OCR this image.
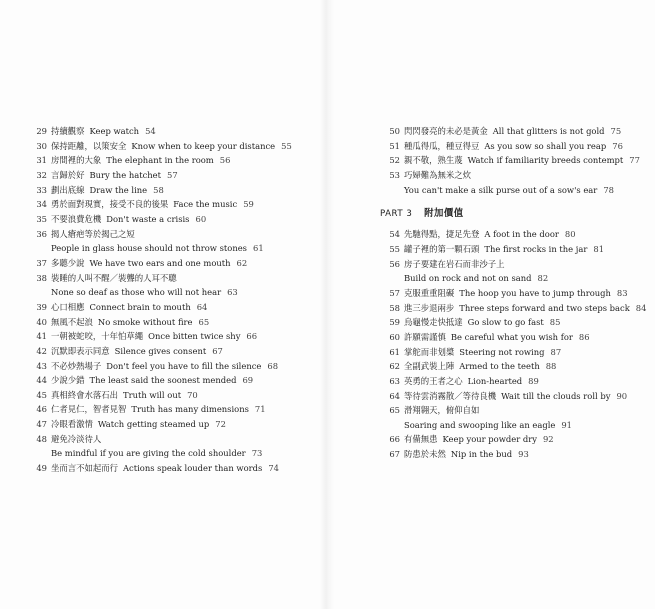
29 持續觀察 Keep watch 54
30 保持距離，以策安全 Know when to keep your distance 55
31 房間裡的大象 The elephant in the room 56
32 言歸於好 Bury the hatchet 57
33 劃出底線 Draw the line 58
34 勇於面對現實，接受不良的後果 Face the music 59
35 不要浪費危機 Don't waste a crisis 60
36 揭人瘡疤等於揭己之短
People in glass house should not throw stones 61
37 多聽少說 We have two ears and one mouth 62
38 裝睡的人叫不醒／裝聾的人耳不聰
None so deaf as those who will not hear 63
39 心口相應 Connect brain to mouth 64
40 無風不起浪 No smoke without fire 65
41 一朝被蛇咬，十年怕草繩 Once bitten twice shy 66
42 沉默即表示同意 Silence gives consent 67
43 不必炒熱場子 Don't feel you have to fill the silence 68
44 少說少錯 The least said the soonest mended 69
45 真相終會水落石出 Truth will out 70
46 仁者見仁，智者見智 Truth has many dimensions 71
47 冷眼看激情 Watch getting steamed up 72
48 避免冷淡待人
Be mindful if you are giving the cold shoulder 73
49 坐而言不如起而行 Actions speak louder than words 74
50 閃閃發亮的未必是黃金 All that glitters is not gold 75
51 種瓜得瓜，種豆得豆 As you sow so shall you reap 76
52 親不敬，熟生蔑 Watch if familiarity breeds contempt 77
53 巧婦難為無米之炊
You can't make a silk purse out of a sow's ear 78
PART 3 附加價值
54 先馳得點，捷足先登 A foot in the door 80
55 罐子裡的第一顆石頭 The first rocks in the jar 81
56 房子要建在岩石而非沙子上
Build on rock and not on sand 82
57 克服重重阻礙 The hoop you have to jump through 83
58 進三步退兩步 Three steps forward and two steps back 84
59 烏龜慢走快抵達 Go slow to go fast 85
60 許願需謹慎 Be careful what you wish for 86
61 掌舵而非划槳 Steering not rowing 87
62 全副武裝上陣 Armed to the teeth 88
63 英勇的王者之心 Lion-hearted 89
64 等待雲消霧散／等待良機 Wait till the clouds roll by 90
65 滑翔翱天，俯仰自如
Soaring and swooping like an eagle 91
66 有備無患 Keep your powder dry 92
67 防患於未然 Nip in the bud 93
